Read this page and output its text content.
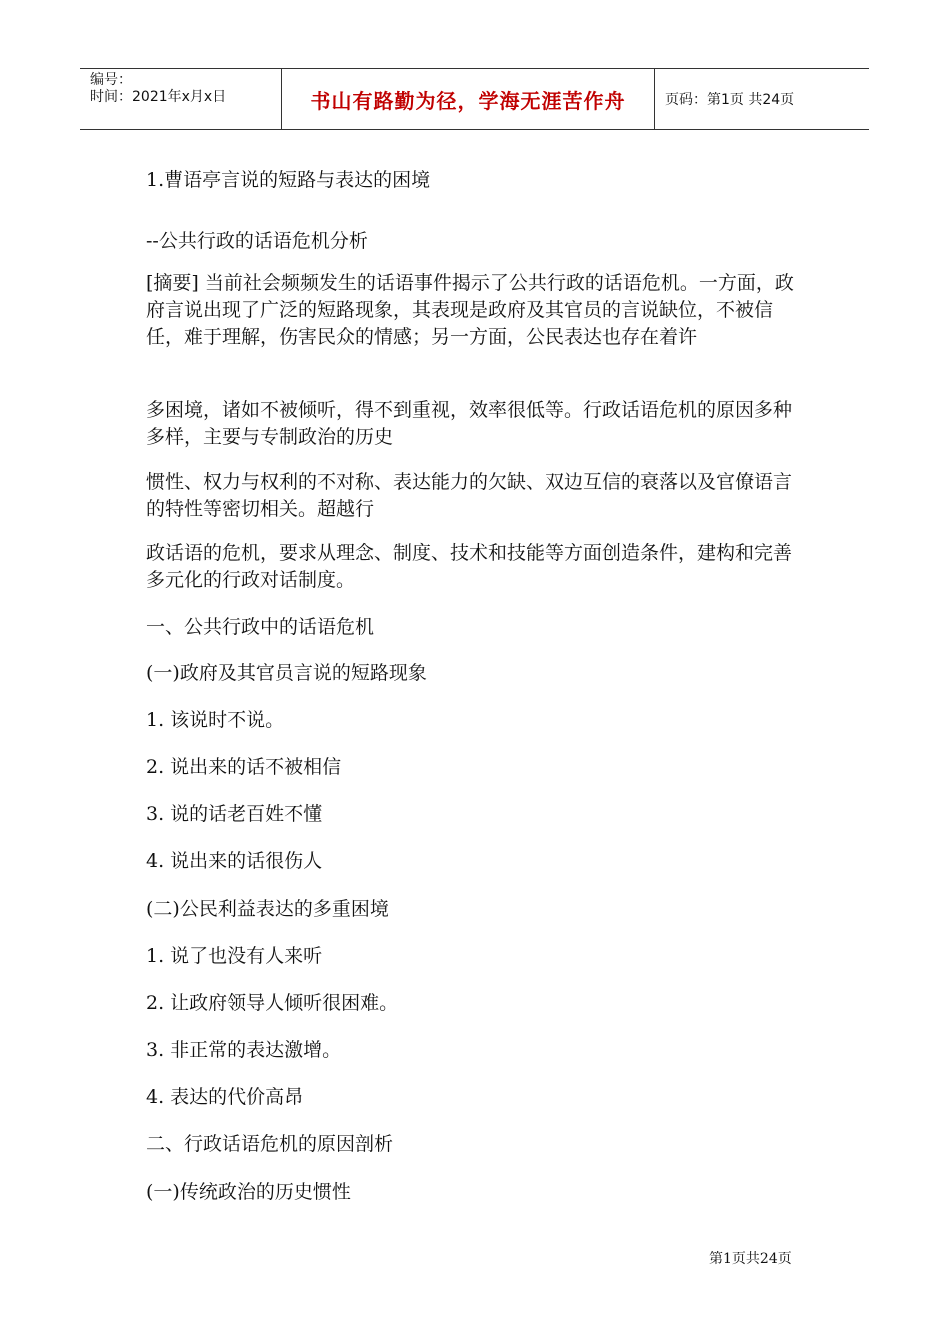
编号：
时间：2021年x月x日	书山有路勤为径，学海无涯苦作舟	页码：第1页 共24页
1.曹语亭言说的短路与表达的困境
--公共行政的话语危机分析
[摘要] 当前社会频频发生的话语事件揭示了公共行政的话语危机。一方面，政府言说出现了广泛的短路现象，其表现是政府及其官员的言说缺位，不被信任，难于理解，伤害民众的情感；另一方面，公民表达也存在着许
多困境，诸如不被倾听，得不到重视，效率很低等。行政话语危机的原因多种多样，主要与专制政治的历史
惯性、权力与权利的不对称、表达能力的欠缺、双边互信的衰落以及官僚语言的特性等密切相关。超越行
政话语的危机，要求从理念、制度、技术和技能等方面创造条件，建构和完善多元化的行政对话制度。
一、公共行政中的话语危机
(一)政府及其官员言说的短路现象
1. 该说时不说。
2. 说出来的话不被相信
3. 说的话老百姓不懂
4. 说出来的话很伤人
(二)公民利益表达的多重困境
1. 说了也没有人来听
2. 让政府领导人倾听很困难。
3. 非正常的表达激增。
4. 表达的代价高昂
二、行政话语危机的原因剖析
(一)传统政治的历史惯性
第1页共24页
